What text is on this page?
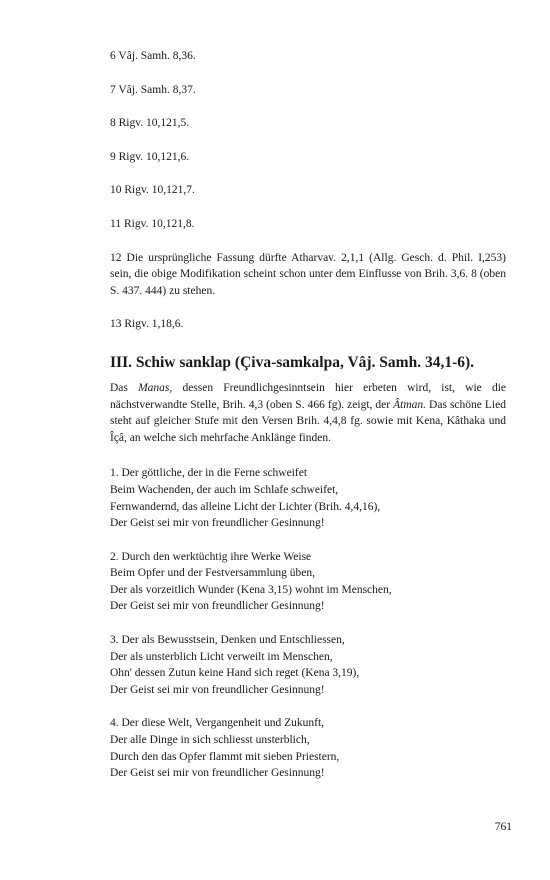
6 Vâj. Samh. 8,36.

7 Vâj. Samh. 8,37.

8 Rigv. 10,121,5.

9 Rigv. 10,121,6.

10 Rigv. 10,121,7.

11 Rigv. 10,121,8.

12 Die ursprüngliche Fassung dürfte Atharvav. 2,1,1 (Allg. Gesch. d. Phil. I,253) sein, die obige Modifikation scheint schon unter dem Einflusse von Brih. 3,6. 8 (oben S. 437. 444) zu stehen.

13 Rigv. 1,18,6.

III. Schiw sanklap (Çiva-samkalpa, Vâj. Samh. 34,1-6).

Das Manas, dessen Freundlichgesinntsein hier erbeten wird, ist, wie die nächstverwandte Stelle, Brih. 4,3 (oben S. 466 fg). zeigt, der Âtman. Das schöne Lied steht auf gleicher Stufe mit den Versen Brih. 4,4,8 fg. sowie mit Kena, Kâthaka und Îçâ, an welche sich mehrfache Anklänge finden.

1. Der göttliche, der in die Ferne schweifet
Beim Wachenden, der auch im Schlafe schweifet,
Fernwandernd, das alleine Licht der Lichter (Brih. 4,4,16),
Der Geist sei mir von freundlicher Gesinnung!
2. Durch den werktüchtig ihre Werke Weise
Beim Opfer und der Festversammlung üben,
Der als vorzeitlich Wunder (Kena 3,15) wohnt im Menschen,
Der Geist sei mir von freundlicher Gesinnung!
3. Der als Bewusstsein, Denken und Entschliessen,
Der als unsterblich Licht verweilt im Menschen,
Ohn' dessen Zutun keine Hand sich reget (Kena 3,19),
Der Geist sei mir von freundlicher Gesinnung!
4. Der diese Welt, Vergangenheit und Zukunft,
Der alle Dinge in sich schliesst unsterblich,
Durch den das Opfer flammt mit sieben Priestern,
Der Geist sei mir von freundlicher Gesinnung!
761
